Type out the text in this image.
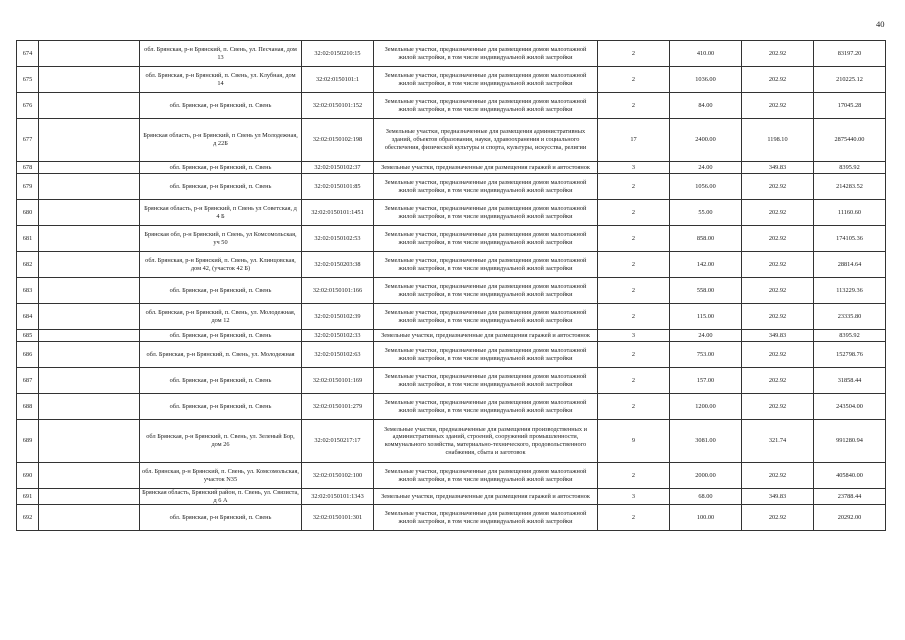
40
674		обл. Брянская, р-н Брянский, п. Свень, ул. Песчаная, дом 13	32:02:0150210:15	Земельные участки, предназначенные для размещения домов малоэтажной жилой застройки, в том числе индивидуальной жилой застройки	2	410.00	202.92	83197.20
675		обл. Брянская, р-н Брянский, п. Свень, ул. Клубная, дом 14	32:02:0150101:1	Земельные участки, предназначенные для размещения домов малоэтажной жилой застройки, в том числе индивидуальной жилой застройки	2	1036.00	202.92	210225.12
676		обл. Брянская, р-н Брянский, п. Свень	32:02:0150101:152	Земельные участки, предназначенные для размещения домов малоэтажной жилой застройки, в том числе индивидуальной жилой застройки	2	84.00	202.92	17045.28
677		Брянская область, р-н Брянский, п Свень ул Молодежная, д 22Б	32:02:0150102:198	Земельные участки, предназначенные для размещения административных зданий, объектов образования, науки, здравоохранения и социального обеспечения, физической культуры и спорта, культуры, искусства, религии	17	2400.00	1198.10	2875440.00
678		обл. Брянская, р-н Брянский, п. Свень	32:02:0150102:37	Земельные участки, предназначенные для размещения гаражей и автостоянок	3	24.00	349.83	8395.92
679		обл. Брянская, р-н Брянский, п. Свень	32:02:0150101:85	Земельные участки, предназначенные для размещения домов малоэтажной жилой застройки, в том числе индивидуальной жилой застройки	2	1056.00	202.92	214283.52
680		Брянская область, р-н Брянский, п Свень ул Советская, д 4 Б	32:02:0150101:1451	Земельные участки, предназначенные для размещения домов малоэтажной жилой застройки, в том числе индивидуальной жилой застройки	2	55.00	202.92	11160.60
681		Брянская обл, р-н Брянский, п Свень, ул Комсомольская, уч 50	32:02:0150102:53	Земельные участки, предназначенные для размещения домов малоэтажной жилой застройки, в том числе индивидуальной жилой застройки	2	858.00	202.92	174105.36
682		обл. Брянская, р-н Брянский, п. Свень, ул. Клинцовская, дом 42, (участок 42 Б)	32:02:0150203:38	Земельные участки, предназначенные для размещения домов малоэтажной жилой застройки, в том числе индивидуальной жилой застройки	2	142.00	202.92	28814.64
683		обл. Брянская, р-н Брянский, п. Свень	32:02:0150101:166	Земельные участки, предназначенные для размещения домов малоэтажной жилой застройки, в том числе индивидуальной жилой застройки	2	558.00	202.92	113229.36
684		обл. Брянская, р-н Брянский, п. Свень, ул. Молодежная, дом 12	32:02:0150102:39	Земельные участки, предназначенные для размещения домов малоэтажной жилой застройки, в том числе индивидуальной жилой застройки	2	115.00	202.92	23335.80
685		обл. Брянская, р-н Брянский, п. Свень	32:02:0150102:33	Земельные участки, предназначенные для размещения гаражей и автостоянок	3	24.00	349.83	8395.92
686		обл. Брянская, р-н Брянский, п. Свень, ул. Молодежная	32:02:0150102:63	Земельные участки, предназначенные для размещения домов малоэтажной жилой застройки, в том числе индивидуальной жилой застройки	2	753.00	202.92	152798.76
687		обл. Брянская, р-н Брянский, п. Свень	32:02:0150101:169	Земельные участки, предназначенные для размещения домов малоэтажной жилой застройки, в том числе индивидуальной жилой застройки	2	157.00	202.92	31858.44
688		обл. Брянская, р-н Брянский, п. Свень	32:02:0150101:279	Земельные участки, предназначенные для размещения домов малоэтажной жилой застройки, в том числе индивидуальной жилой застройки	2	1200.00	202.92	243504.00
689		обл Брянская, р-н Брянский, п. Свень, ул. Зеленый Бор, дом 26	32:02:0150217:17	Земельные участки, предназначенные для размещения производственных и административных зданий, строений, сооружений промышленности, коммунального хозяйства, материально-технического, продовольственного снабжения, сбыта и заготовок	9	3081.00	321.74	991280.94
690		обл. Брянская, р-н Брянский, п. Свень, ул. Комсомольская, участок N35	32:02:0150102:100	Земельные участки, предназначенные для размещения домов малоэтажной жилой застройки, в том числе индивидуальной жилой застройки	2	2000.00	202.92	405840.00
691		Брянская область, Брянский район, п. Свень, ул. Связиста, д 6 А	32:02:0150101:1343	Земельные участки, предназначенные для размещения гаражей и автостоянок	3	68.00	349.83	23788.44
692		обл. Брянская, р-н Брянский, п. Свень	32:02:0150101:301	Земельные участки, предназначенные для размещения домов малоэтажной жилой застройки, в том числе индивидуальной жилой застройки	2	100.00	202.92	20292.00
